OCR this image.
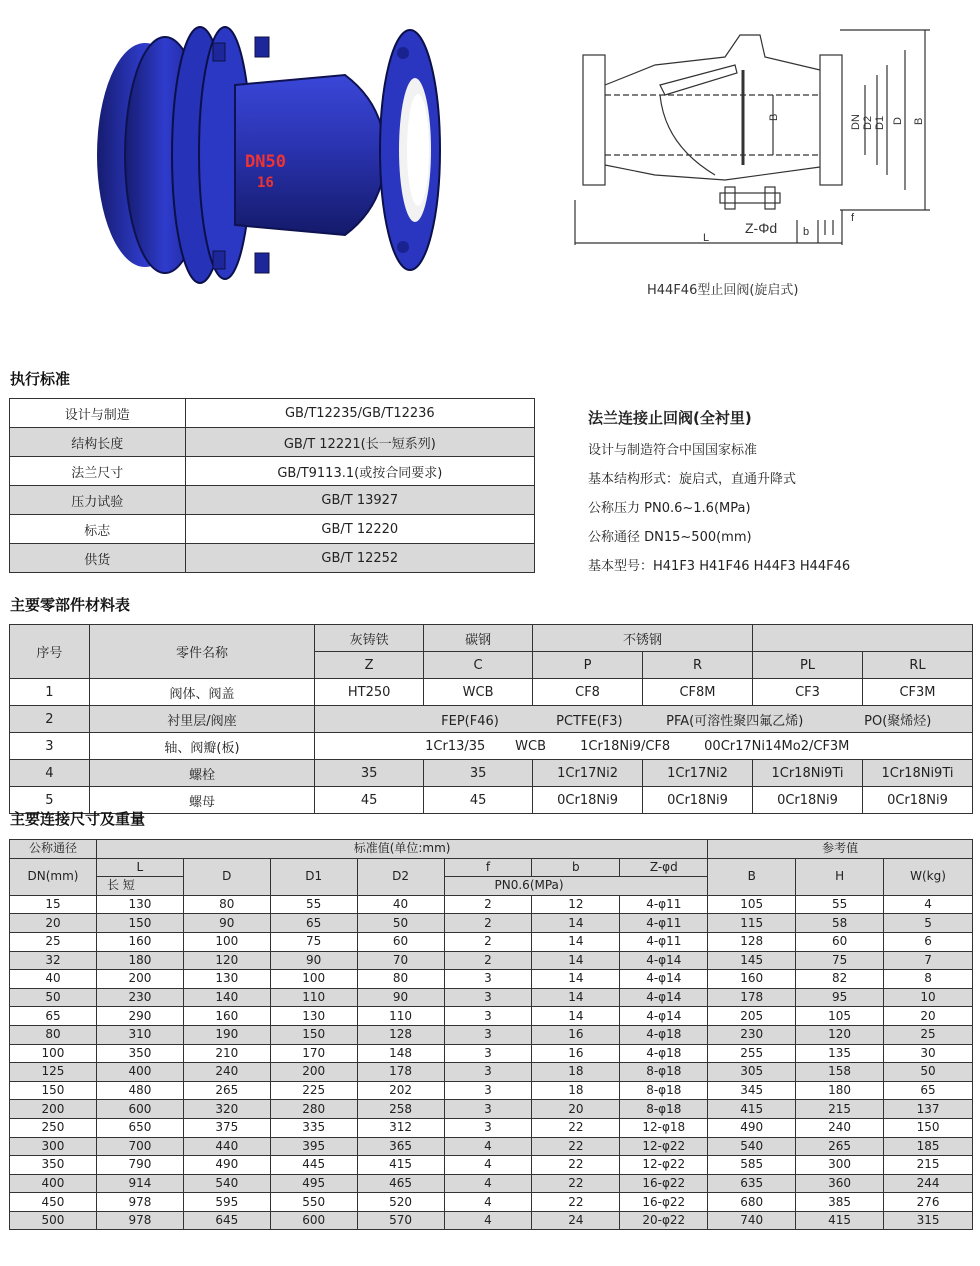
DN50
16
DN D2 D1 D B
B
L
Z-Φd b
f
H44F46型止回阀(旋启式)
执行标准
设计与制造	GB/T12235/GB/T12236
结构长度	GB/T 12221(长一短系列)
法兰尺寸	GB/T9113.1(或按合同要求)
压力试验	GB/T 13927
标志	GB/T 12220
供货	GB/T 12252

法兰连接止回阀(全衬里)

设计与制造符合中国国家标准

基本结构形式：旋启式，直通升降式

公称压力 PN0.6~1.6(MPa)

公称通径 DN15~500(mm)

基本型号：H41F3 H41F46 H44F3 H44F46

主要零部件材料表
序号	零件名称	灰铸铁	碳钢	不锈钢			
		Z	C	P	R	PL	RL
1	阀体、阀盖	HT250	WCB	CF8	CF8M	CF3	CF3M
2	衬里层/阀座	FEP(F46) PCTFE(F3) PFA(可溶性聚四氟乙烯) PO(聚烯烃)					
3	轴、阀瓣(板)	1Cr13/35 WCB 1Cr18Ni9/CF8 00Cr17Ni14Mo2/CF3M					
4	螺栓	35	35	1Cr17Ni2	1Cr17Ni2	1Cr18Ni9Ti	1Cr18Ni9Ti
5	螺母	45	45	0Cr18Ni9	0Cr18Ni9	0Cr18Ni9	0Cr18Ni9
主要连接尺寸及重量
公称通径	标准值(单位:mm)							参考值		
DN(mm)	L	D	D1	D2	f	b	Z-φd	B	H	W(kg)
	长 短				PN0.6(MPa)					
15	130	80	55	40	2	12	4-φ11	105	55	4
20	150	90	65	50	2	14	4-φ11	115	58	5
25	160	100	75	60	2	14	4-φ11	128	60	6
32	180	120	90	70	2	14	4-φ14	145	75	7
40	200	130	100	80	3	14	4-φ14	160	82	8
50	230	140	110	90	3	14	4-φ14	178	95	10
65	290	160	130	110	3	14	4-φ14	205	105	20
80	310	190	150	128	3	16	4-φ18	230	120	25
100	350	210	170	148	3	16	4-φ18	255	135	30
125	400	240	200	178	3	18	8-φ18	305	158	50
150	480	265	225	202	3	18	8-φ18	345	180	65
200	600	320	280	258	3	20	8-φ18	415	215	137
250	650	375	335	312	3	22	12-φ18	490	240	150
300	700	440	395	365	4	22	12-φ22	540	265	185
350	790	490	445	415	4	22	12-φ22	585	300	215
400	914	540	495	465	4	22	16-φ22	635	360	244
450	978	595	550	520	4	22	16-φ22	680	385	276
500	978	645	600	570	4	24	20-φ22	740	415	315
